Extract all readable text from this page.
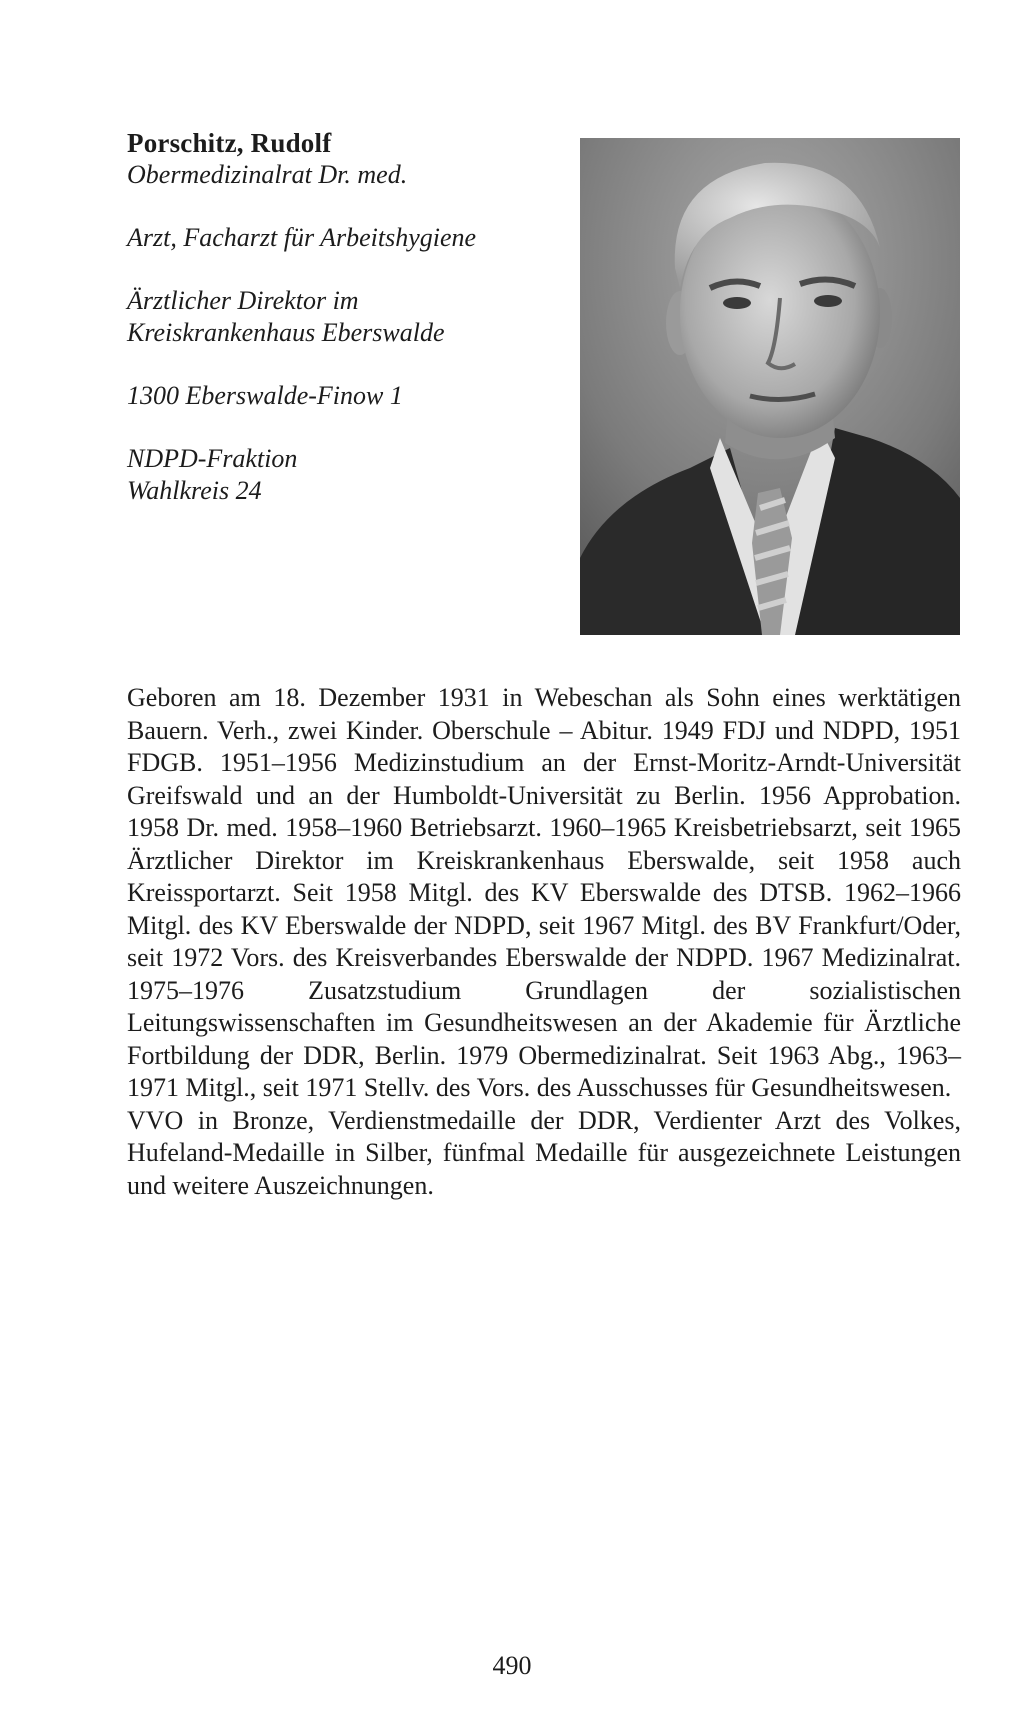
Porschitz, Rudolf

Obermedizinalrat Dr. med.

Arzt, Facharzt für Arbeitshygiene

Ärztlicher Direktor im

Kreiskrankenhaus Eberswalde

1300 Eberswalde-Finow 1

NDPD-Fraktion

Wahlkreis 24

Geboren am 18. Dezember 1931 in Webeschan als Sohn eines werktätigen Bauern. Verh., zwei Kinder. Oberschule – Abitur. 1949 FDJ und NDPD, 1951 FDGB. 1951–1956 Medizinstudium an der Ernst-Moritz-Arndt-Universität Greifswald und an der Humboldt-Universität zu Berlin. 1956 Approbation. 1958 Dr. med. 1958–1960 Betriebsarzt. 1960–1965 Kreisbetriebsarzt, seit 1965 Ärztlicher Direktor im Kreiskrankenhaus Eberswalde, seit 1958 auch Kreissportarzt. Seit 1958 Mitgl. des KV Eberswalde des DTSB. 1962–1966 Mitgl. des KV Eberswalde der NDPD, seit 1967 Mitgl. des BV Frankfurt/Oder, seit 1972 Vors. des Kreisverbandes Eberswalde der NDPD. 1967 Medizinalrat. 1975–1976 Zusatzstudium Grundlagen der sozialistischen Leitungswissenschaften im Gesundheitswesen an der Akademie für Ärztliche Fortbildung der DDR, Berlin. 1979 Obermedizinalrat. Seit 1963 Abg., 1963–1971 Mitgl., seit 1971 Stellv. des Vors. des Ausschusses für Gesundheitswesen.

VVO in Bronze, Verdienstmedaille der DDR, Verdienter Arzt des Volkes, Hufeland-Medaille in Silber, fünfmal Medaille für ausgezeichnete Leistungen und weitere Auszeichnungen.

490
